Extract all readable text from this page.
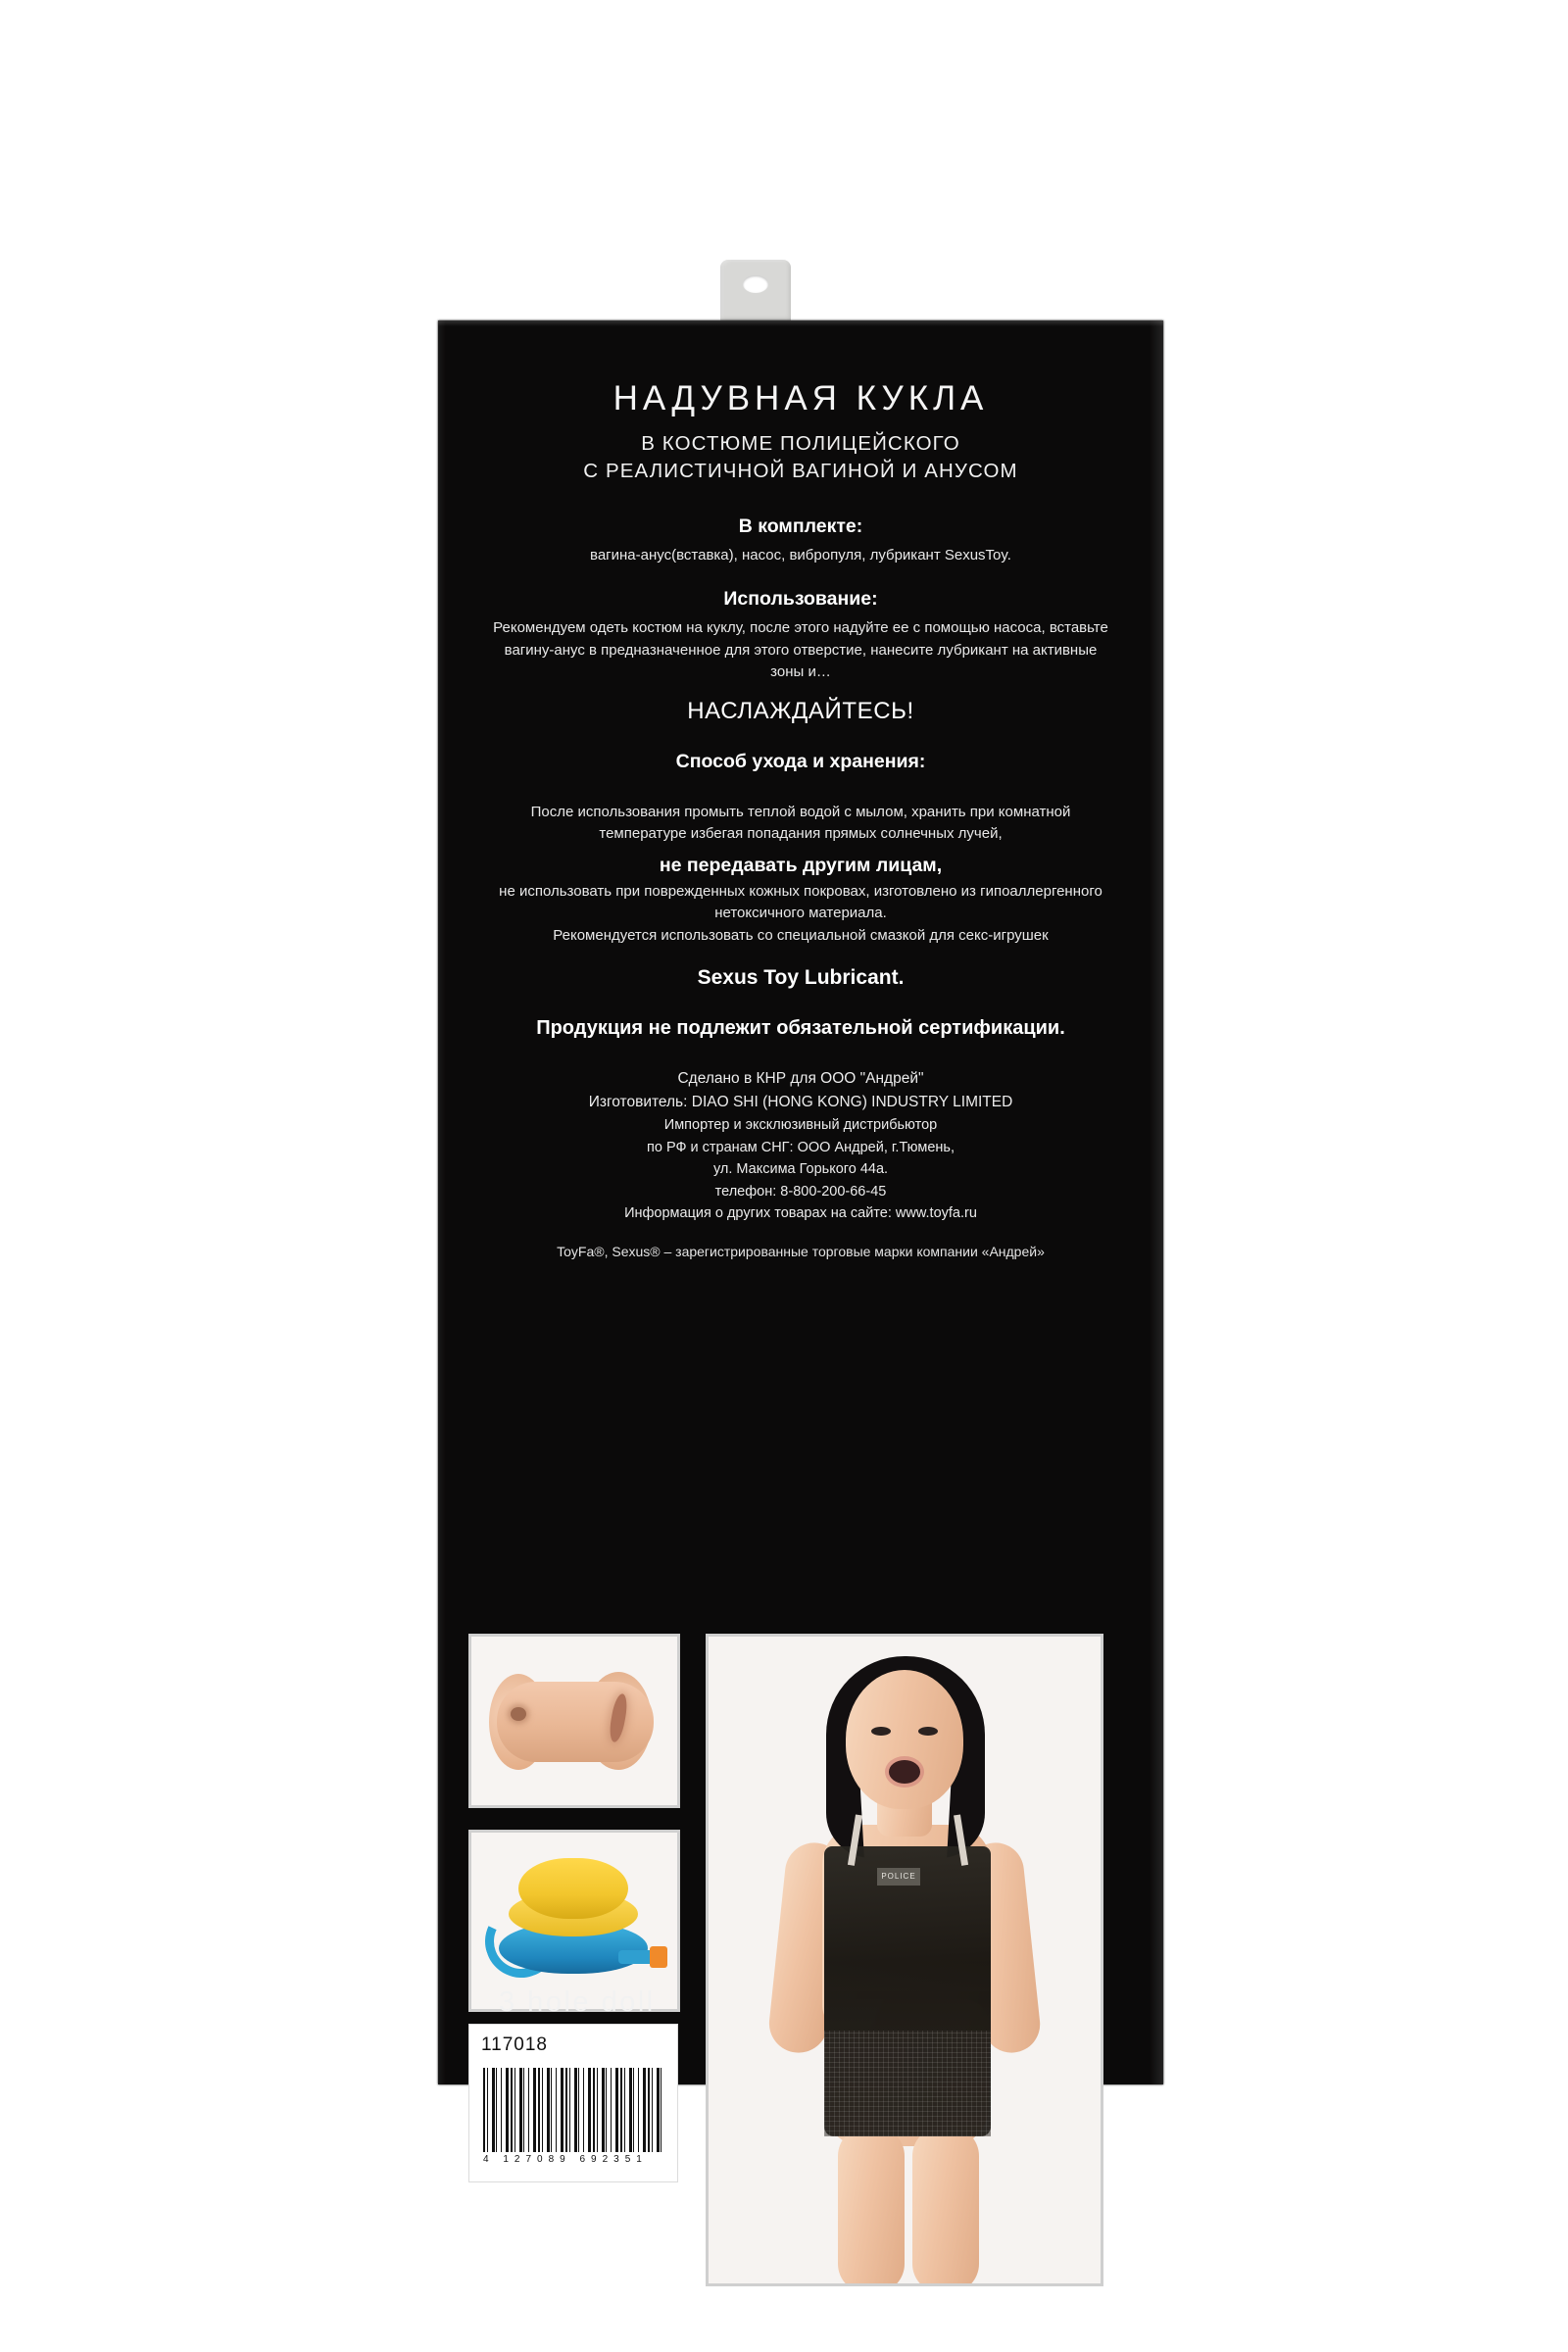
НАДУВНАЯ КУКЛА
В КОСТЮМЕ ПОЛИЦЕЙСКОГО
С РЕАЛИСТИЧНОЙ ВАГИНОЙ И АНУСОМ
В комплекте:
вагина-анус(вставка), насос, вибропуля, лубрикант SexusToy.
Использование:
Рекомендуем одеть костюм на куклу, после этого надуйте ее с помощью насоса, вставьте вагину-анус в предназначенное для этого отверстие, нанесите лубрикант на активные зоны и…
НАСЛАЖДАЙТЕСЬ!
Способ ухода и хранения:
После использования промыть теплой водой с мылом, хранить при комнатной температуре избегая попадания прямых солнечных лучей,
не передавать другим лицам,
не использовать при поврежденных кожных покровах, изготовлено из гипоаллергенного нетоксичного материала.
Рекомендуется использовать со специальной смазкой для секс-игрушек
Sexus Toy Lubricant.
Продукция не подлежит обязательной сертификации.
Сделано в КНР для ООО "Андрей"
Изготовитель: DIAO SHI (HONG KONG) INDUSTRY LIMITED
Импортер и эксклюзивный дистрибьютор
по РФ и странам СНГ: ООО Андрей, г.Тюмень,
ул. Максима Горького 44а.
телефон: 8-800-200-66-45
Информация о других товарах на сайте: www.toyfa.ru
ToyFa®, Sexus® – зарегистрированные торговые марки компании «Андрей»
POLICE
3 hole doll
117018
4 127089 692351
